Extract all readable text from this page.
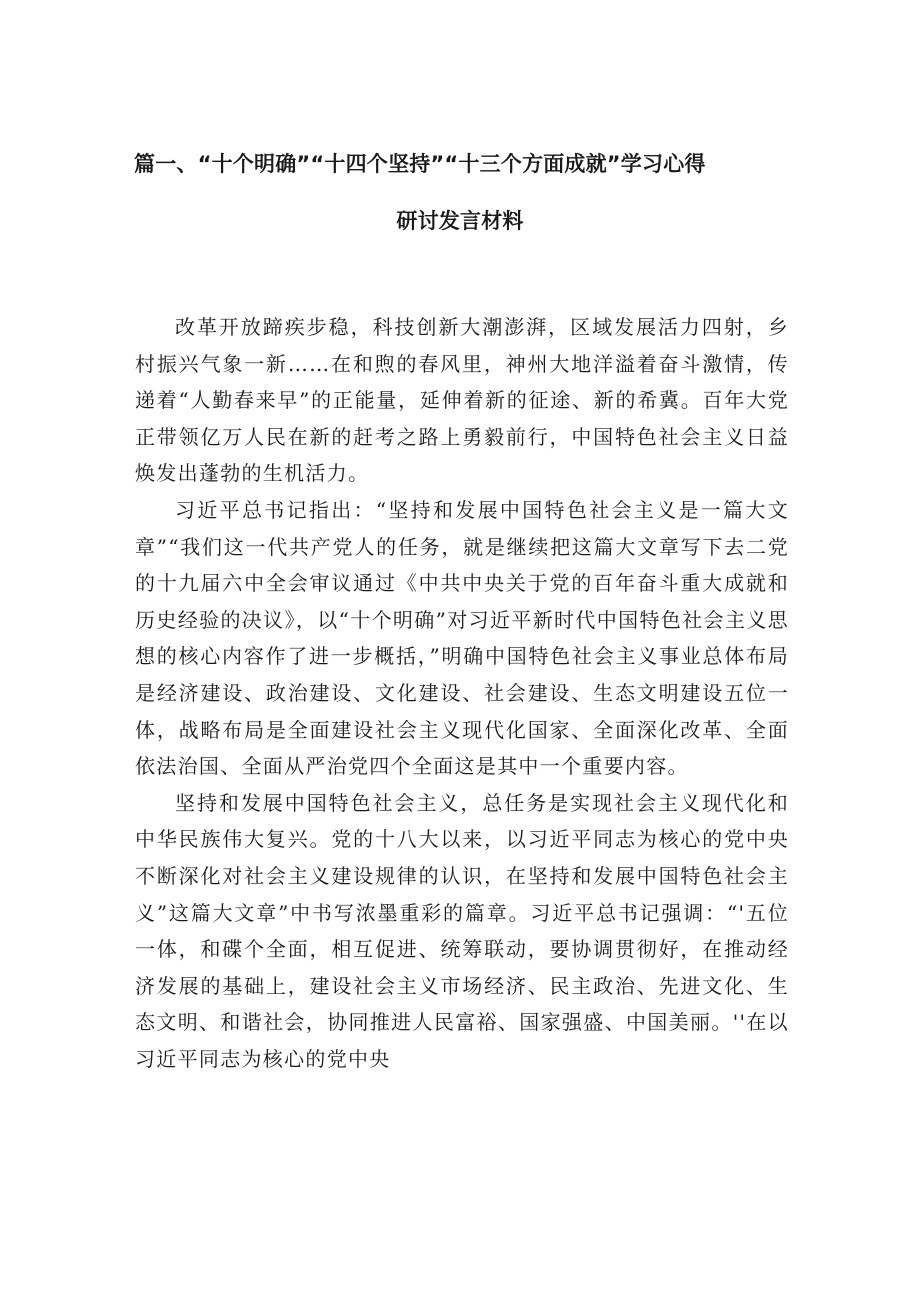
篇一、“十个明确”“十四个坚持”“十三个方面成就”学习心得
研讨发言材料

改革开放蹄疾步稳，科技创新大潮澎湃，区域发展活力四射，乡村振兴气象一新……在和煦的春风里，神州大地洋溢着奋斗激情，传递着“人勤春来早”的正能量，延伸着新的征途、新的希冀。百年大党正带领亿万人民在新的赶考之路上勇毅前行，中国特色社会主义日益焕发出蓬勃的生机活力。

习近平总书记指出：“坚持和发展中国特色社会主义是一篇大文章”“我们这一代共产党人的任务，就是继续把这篇大文章写下去二党的十九届六中全会审议通过《中共中央关于党的百年奋斗重大成就和历史经验的决议》，以“十个明确”对习近平新时代中国特色社会主义思想的核心内容作了进一步概括，”明确中国特色社会主义事业总体布局是经济建设、政治建设、文化建设、社会建设、生态文明建设五位一体，战略布局是全面建设社会主义现代化国家、全面深化改革、全面依法治国、全面从严治党四个全面这是其中一个重要内容。

坚持和发展中国特色社会主义，总任务是实现社会主义现代化和中华民族伟大复兴。党的十八大以来，以习近平同志为核心的党中央不断深化对社会主义建设规律的认识，在坚持和发展中国特色社会主义”这篇大文章”中书写浓墨重彩的篇章。习近平总书记强调：“'五位一体，和碟个全面，相互促进、统筹联动，要协调贯彻好，在推动经济发展的基础上，建设社会主义市场经济、民主政治、先进文化、生态文明、和谐社会，协同推进人民富裕、国家强盛、中国美丽。''在以习近平同志为核心的党中央
